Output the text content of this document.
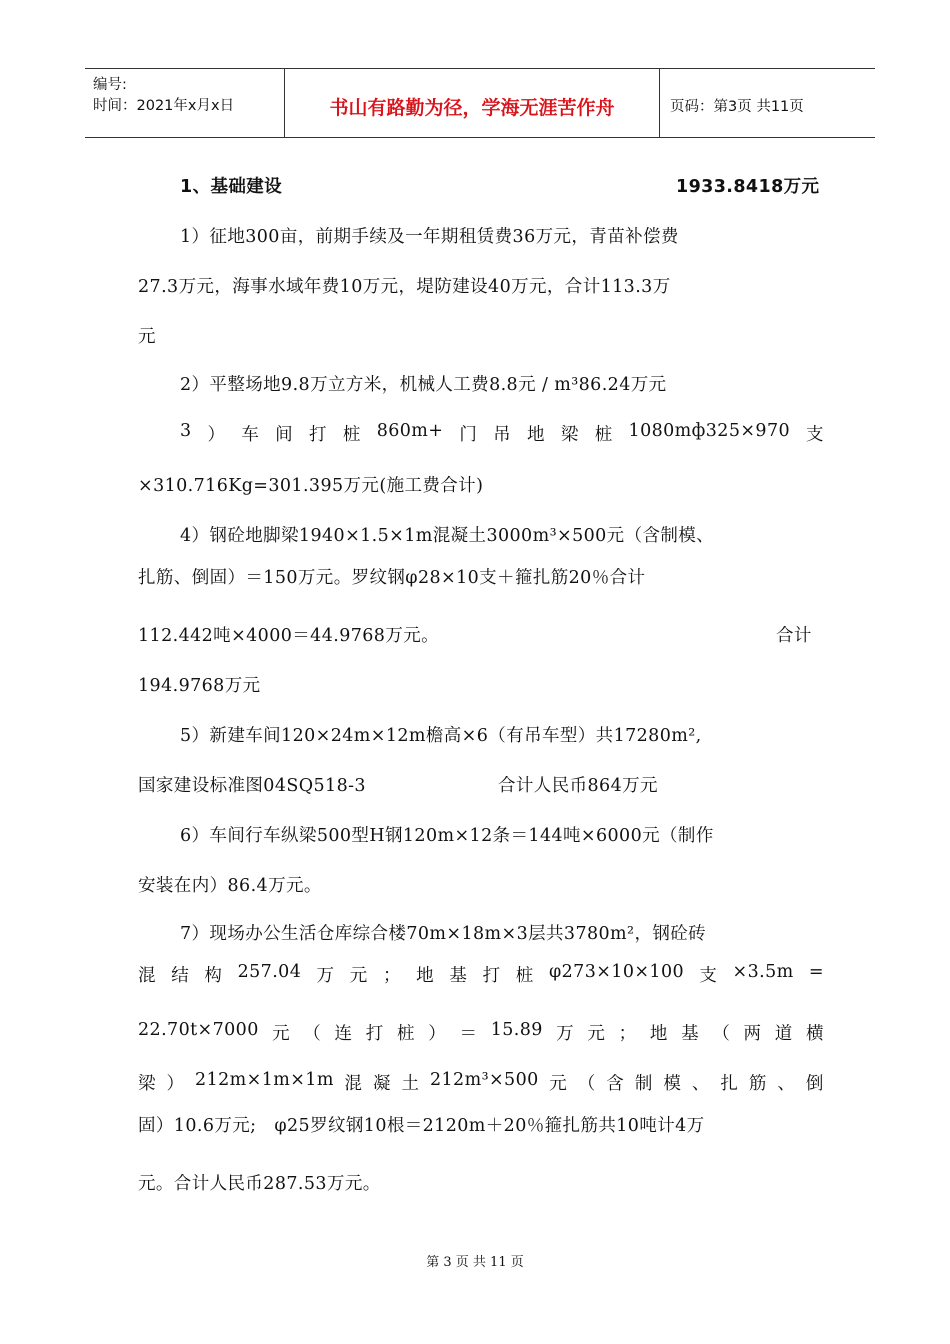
编号:
时间：2021年x月x日	书山有路勤为径，学海无涯苦作舟	页码：第3页 共11页
1、基础建设	1933.8418万元
1）征地300亩，前期手续及一年期租赁费36万元，青苗补偿费
27.3万元，海事水域年费10万元，堤防建设40万元，合计113.3万
元
2）平整场地9.8万立方米，机械人工费8.8元 / m³86.24万元
3 ） 车 间 打 桩 860m+ 门 吊 地 梁 桩 1080mф325×970 支
×310.716Kg=301.395万元(施工费合计)
4）钢砼地脚梁1940×1.5×1m混凝土3000m³×500元（含制模、
扎筋、倒固）＝150万元。罗纹钢φ28×10支＋箍扎筋20％合计
112.442吨×4000＝44.9768万元。	合计
194.9768万元
5）新建车间120×24m×12m檐高×6（有吊车型）共17280m²,
国家建设标准图04SQ518-3	合计人民币864万元
6）车间行车纵梁500型H钢120m×12条＝144吨×6000元（制作
安装在内）86.4万元。
7）现场办公生活仓库综合楼70m×18m×3层共3780m²，钢砼砖
混 结 构 257.04 万 元 ； 地 基 打 桩 φ273×10×100 支 ×3.5m =
22.70t×7000 元 （ 连 打 桩 ） ＝ 15.89 万 元 ； 地 基 （ 两 道 横
梁 ） 212m×1m×1m 混 凝 土 212m³×500 元 （ 含 制 模 、 扎 筋 、 倒
固）10.6万元;　φ25罗纹钢10根＝2120m＋20％箍扎筋共10吨计4万
元。合计人民币287.53万元。
第 3 页 共 11 页
